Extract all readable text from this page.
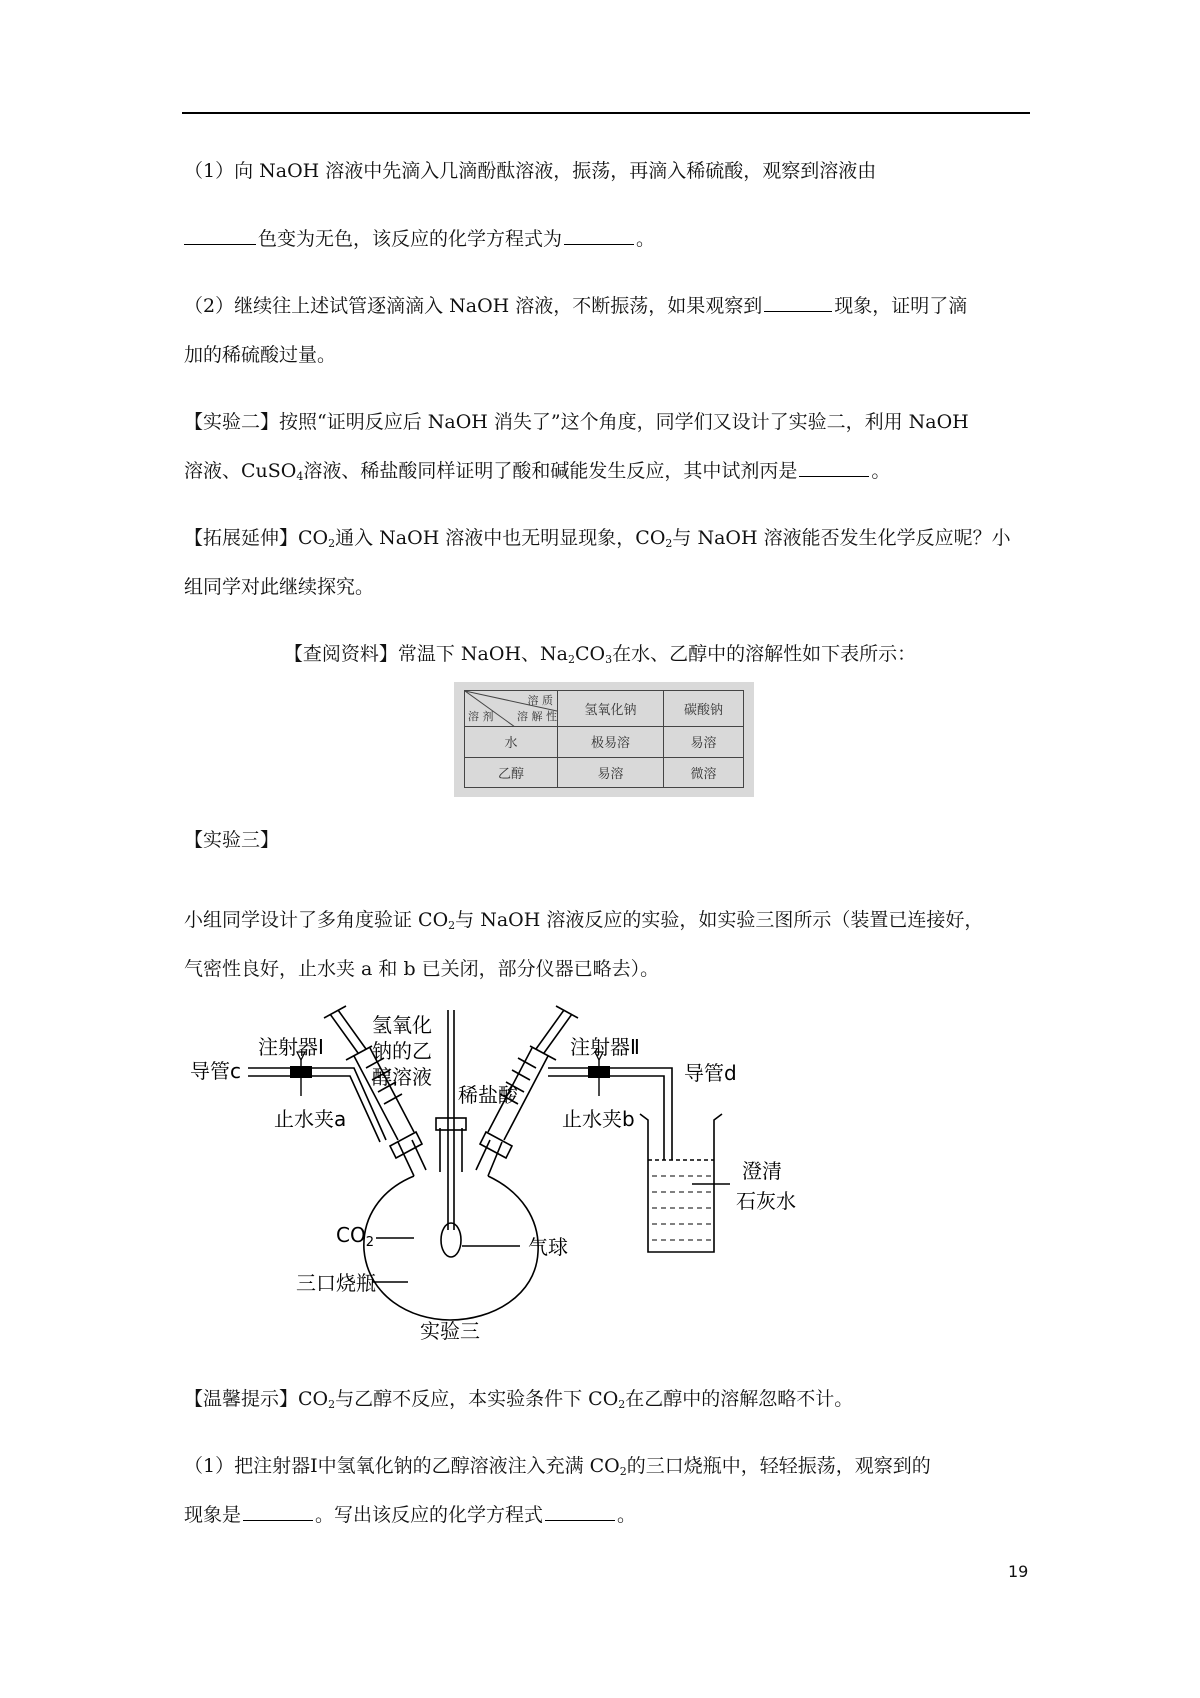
（1）向 NaOH 溶液中先滴入几滴酚酞溶液，振荡，再滴入稀硫酸，观察到溶液由
色变为无色，该反应的化学方程式为	。
（2）继续往上述试管逐滴滴入 NaOH 溶液，不断振荡，如果观察到	现象，证明了滴
加的稀硫酸过量。
【实验二】按照“证明反应后 NaOH 消失了”这个角度，同学们又设计了实验二，利用 NaOH
溶液、CuSO$_4$溶液、稀盐酸同样证明了酸和碱能发生反应，其中试剂丙是	。
【拓展延伸】$CO_2$通入 NaOH 溶液中也无明显现象，$CO_2$与 NaOH 溶液能否发生化学反应呢？小
组同学对此继续探究。
【查阅资料】常温下 NaOH、$Na_2CO_3$在水、乙醇中的溶解性如下表所示：
溶 质
溶 解 性
溶 剂	氢氧化钠	碳酸钠
水	极易溶	易溶
乙醇	易溶	微溶
【实验三】
小组同学设计了多角度验证 $CO_2$与 NaOH 溶液反应的实验，如实验三图所示（装置已连接好，
气密性良好，止水夹 a 和 b 已关闭，部分仪器已略去）。
注射器Ⅰ
氢氧化
钠的乙
醇溶液
注射器Ⅱ
稀盐酸
导管c	导管d
止水夹a	止水夹b
$CO_2$
三口烧瓶
气球
澄清
石灰水
实验三
【温馨提示】$CO_2$与乙醇不反应，本实验条件下 $CO_2$在乙醇中的溶解忽略不计。
（1）把注射器Ⅰ中氢氧化钠的乙醇溶液注入充满 $CO_2$的三口烧瓶中，轻轻振荡，观察到的
现象是	。写出该反应的化学方程式	。
19
